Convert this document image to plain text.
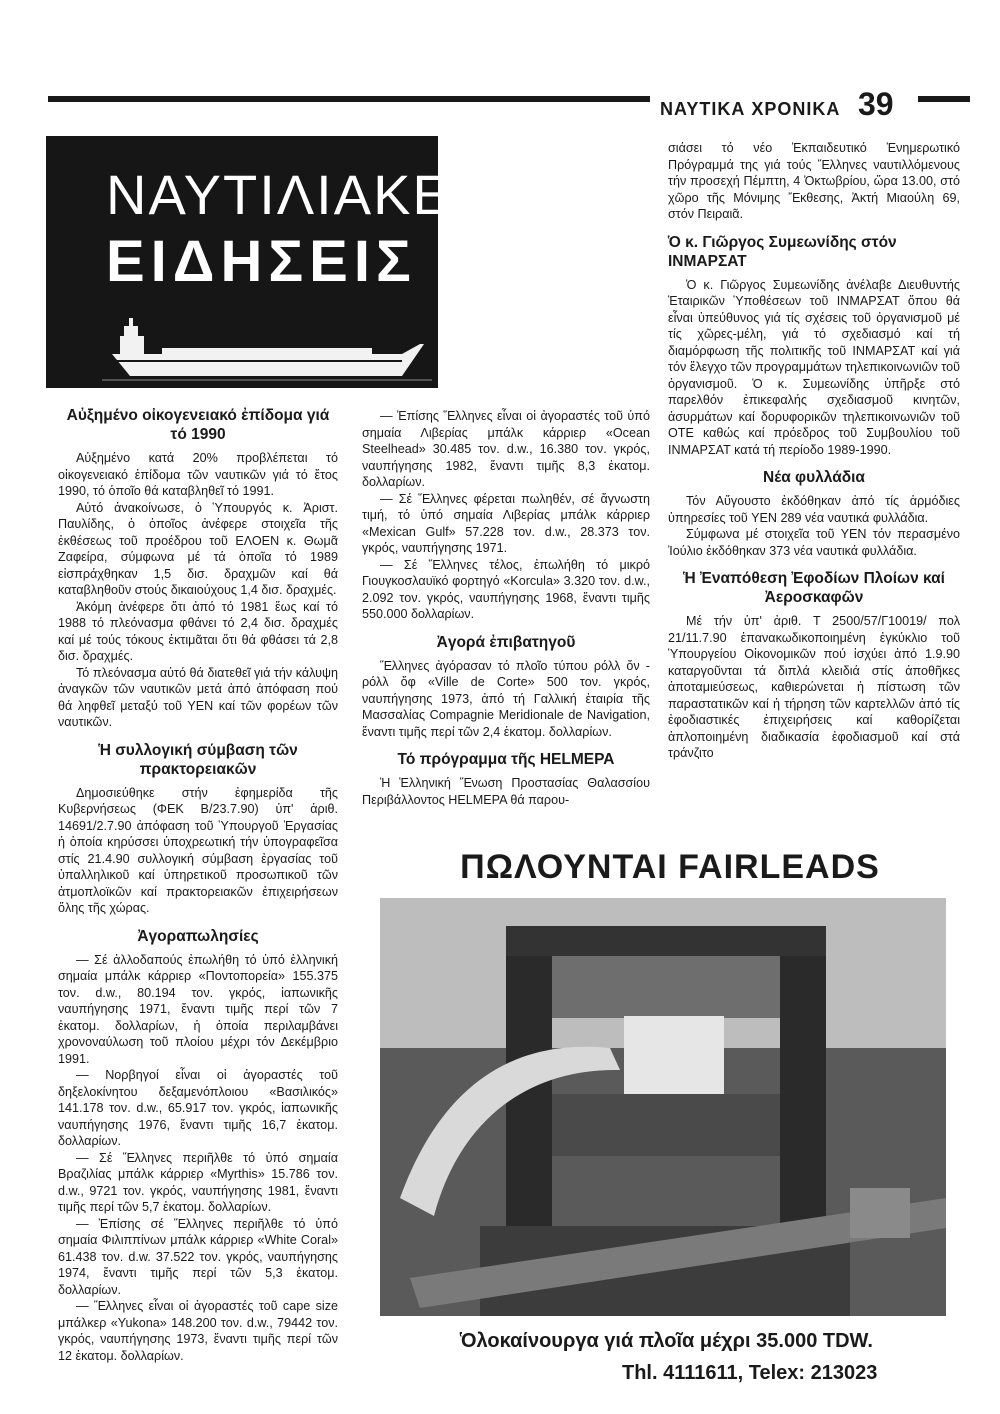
ΝΑΥΤΙΚΑ ΧΡΟΝΙΚΑ 39
ΝΑΥΤΙΛΙΑΚΕΣ
ΕΙΔΗΣΕΙΣ
Αὐξημένο οἰκογενειακό ἐπίδομα γιά τό 1990

Αὐξημένο κατά 20% προβλέπεται τό οἰκογενειακό ἐπίδομα τῶν ναυτικῶν γιά τό ἔτος 1990, τό ὁποῖο θά καταβληθεῖ τό 1991.

Αὐτό ἀνακοίνωσε, ὁ Ὑπουργός κ. Ἀριστ. Παυλίδης, ὁ ὁποῖος ἀνέφερε στοιχεῖα τῆς ἐκθέσεως τοῦ προέδρου τοῦ ΕΛΟΕΝ κ. Θωμᾶ Ζαφείρα, σύμφωνα μέ τά ὁποῖα τό 1989 εἰσπράχθηκαν 1,5 δισ. δραχμῶν καί θά καταβληθοῦν στούς δικαιούχους 1,4 δισ. δραχμές.

Ἀκόμη ἀνέφερε ὅτι ἀπό τό 1981 ἕως καί τό 1988 τό πλεόνασμα φθάνει τό 2,4 δισ. δραχμές καί μέ τούς τόκους ἐκτιμᾶται ὅτι θά φθάσει τά 2,8 δισ. δραχμές.

Τό πλεόνασμα αὐτό θά διατεθεῖ γιά τήν κάλυψη ἀναγκῶν τῶν ναυτικῶν μετά ἀπό ἀπόφαση πού θά ληφθεῖ μεταξύ τοῦ ΥΕΝ καί τῶν φορέων τῶν ναυτικῶν.

Ἡ συλλογική σύμβαση τῶν πρακτορειακῶν

Δημοσιεύθηκε στήν ἐφημερίδα τῆς Κυβερνήσεως (ΦΕΚ Β/23.7.90) ὑπ' ἀριθ. 14691/2.7.90 ἀπόφαση τοῦ Ὑπουργοῦ Ἐργασίας ἡ ὁποία κηρύσσει ὑποχρεωτική τήν ὑπογραφεῖσα στίς 21.4.90 συλλογική σύμβαση ἐργασίας τοῦ ὑπαλληλικοῦ καί ὑπηρετικοῦ προσωπικοῦ τῶν ἀτμοπλοϊκῶν καί πρακτορειακῶν ἐπιχειρήσεων ὅλης τῆς χώρας.

Ἀγοραπωλησίες

— Σέ ἀλλοδαπούς ἐπωλήθη τό ὑπό ἑλληνική σημαία μπάλκ κάρριερ «Ποντοπορεία» 155.375 τον. d.w., 80.194 τον. γκρός, ἰαπωνικῆς ναυπήγησης 1971, ἔναντι τιμῆς περί τῶν 7 ἑκατομ. δολλαρίων, ἡ ὁποία περιλαμβάνει χρονοναύλωση τοῦ πλοίου μέχρι τόν Δεκέμβριο 1991.

— Νορβηγοί εἶναι οἱ ἀγοραστές τοῦ δηξελοκίνητου δεξαμενόπλοιου «Βασιλικός» 141.178 τον. d.w., 65.917 τον. γκρός, ἰαπωνικῆς ναυπήγησης 1976, ἔναντι τιμῆς 16,7 ἑκατομ. δολλαρίων.

— Σέ Ἕλληνες περιῆλθε τό ὑπό σημαία Βραζιλίας μπάλκ κάρριερ «Myrthis» 15.786 τον. d.w., 9721 τον. γκρός, ναυπήγησης 1981, ἔναντι τιμῆς περί τῶν 5,7 ἑκατομ. δολλαρίων.

— Ἐπίσης σέ Ἕλληνες περιῆλθε τό ὑπό σημαία Φιλιππίνων μπάλκ κάρριερ «White Coral» 61.438 τον. d.w. 37.522 τον. γκρός, ναυπήγησης 1974, ἔναντι τιμῆς περί τῶν 5,3 ἑκατομ. δολλαρίων.

— Ἕλληνες εἶναι οἱ ἀγοραστές τοῦ cape size μπάλκερ «Yukona» 148.200 τον. d.w., 79442 τον. γκρός, ναυπήγησης 1973, ἔναντι τιμῆς περί τῶν 12 ἑκατομ. δολλαρίων.

— Ἐπίσης Ἕλληνες εἶναι οἱ ἀγοραστές τοῦ ὑπό σημαία Λιβερίας μπάλκ κάρριερ «Ocean Steelhead» 30.485 τον. d.w., 16.380 τον. γκρός, ναυπήγησης 1982, ἔναντι τιμῆς 8,3 ἑκατομ. δολλαρίων.

— Σέ Ἕλληνες φέρεται πωληθέν, σέ ἄγνωστη τιμή, τό ὑπό σημαία Λιβερίας μπάλκ κάρριερ «Mexican Gulf» 57.228 τον. d.w., 28.373 τον. γκρός, ναυπήγησης 1971.

— Σέ Ἕλληνες τέλος, ἐπωλήθη τό μικρό Γιουγκοσλαυϊκό φορτηγό «Korcula» 3.320 τον. d.w., 2.092 τον. γκρός, ναυπήγησης 1968, ἔναντι τιμῆς 550.000 δολλαρίων.

Ἀγορά ἐπιβατηγοῦ

Ἕλληνες ἀγόρασαν τό πλοῖο τύπου ρόλλ ὄν - ρόλλ ὄφ «Ville de Corte» 500 τον. γκρός, ναυπήγησης 1973, ἀπό τή Γαλλική ἑταιρία τῆς Μασσαλίας Compagnie Meridionale de Navigation, ἔναντι τιμῆς περί τῶν 2,4 ἑκατομ. δολλαρίων.

Τό πρόγραμμα τῆς HELMEPA

Ἡ Ἑλληνική Ἕνωση Προστασίας Θαλασσίου Περιβάλλοντος HELMEPA θά παρου-

σιάσει τό νέο Ἐκπαιδευτικό Ἐνημερωτικό Πρόγραμμά της γιά τούς Ἕλληνες ναυτιλλόμενους τήν προσεχή Πέμπτη, 4 Ὀκτωβρίου, ὥρα 13.00, στό χῶρο τῆς Μόνιμης Ἔκθεσης, Ἀκτή Μιαούλη 69, στόν Πειραιᾶ.

Ὁ κ. Γιῶργος Συμεωνίδης στόν ΙΝΜΑΡΣΑΤ

Ὁ κ. Γιῶργος Συμεωνίδης ἀνέλαβε Διευθυντής Ἑταιρικῶν Ὑποθέσεων τοῦ ΙΝΜΑΡΣΑΤ ὅπου θά εἶναι ὑπεύθυνος γιά τίς σχέσεις τοῦ ὀργανισμοῦ μέ τίς χῶρες-μέλη, γιά τό σχεδιασμό καί τή διαμόρφωση τῆς πολιτικῆς τοῦ ΙΝΜΑΡΣΑΤ καί γιά τόν ἔλεγχο τῶν προγραμμάτων τηλεπικοινωνιῶν τοῦ ὀργανισμοῦ. Ὁ κ. Συμεωνίδης ὑπῆρξε στό παρελθόν ἐπικεφαλής σχεδιασμοῦ κινητῶν, ἀσυρμάτων καί δορυφορικῶν τηλεπικοινωνιῶν τοῦ ΟΤΕ καθώς καί πρόεδρος τοῦ Συμβουλίου τοῦ ΙΝΜΑΡΣΑΤ κατά τή περίοδο 1989-1990.

Νέα φυλλάδια

Τόν Αὔγουστο ἐκδόθηκαν ἀπό τίς ἁρμόδιες ὑπηρεσίες τοῦ ΥΕΝ 289 νέα ναυτικά φυλλάδια.

Σύμφωνα μέ στοιχεῖα τοῦ ΥΕΝ τόν περασμένο Ἰούλιο ἐκδόθηκαν 373 νέα ναυτικά φυλλάδια.

Ἡ Ἐναπόθεση Ἐφοδίων Πλοίων καί Ἀεροσκαφῶν

Μέ τήν ὑπ' ἀριθ. Τ 2500/57/Γ10019/ πολ 21/11.7.90 ἐπανακωδικοποιημένη ἐγκύκλιο τοῦ Ὑπουργείου Οἰκονομικῶν πού ἰσχύει ἀπό 1.9.90 καταργοῦνται τά διπλά κλειδιά στίς ἀποθῆκες ἀποταμιεύσεως, καθιερώνεται ἡ πίστωση τῶν παραστατικῶν καί ἡ τήρηση τῶν καρτελλῶν ἀπό τίς ἐφοδιαστικές ἐπιχειρήσεις καί καθορίζεται ἁπλοποιημένη διαδικασία ἐφοδιασμοῦ καί στά τράνζιτο

ΠΩΛΟΥΝΤΑΙ FAIRLEADS
Ὁλοκαίνουργα γιά πλοῖα μέχρι 35.000 TDW.
Thl. 4111611, Telex: 213023
